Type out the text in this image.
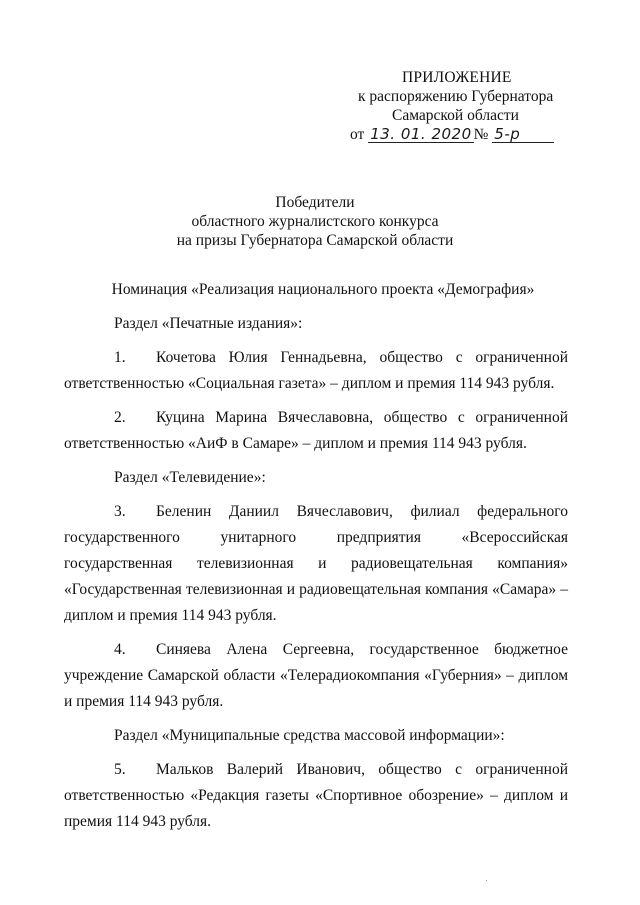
ПРИЛОЖЕНИЕ
к распоряжению Губернатора
Самарской области
от 13. 01. 2020 № 5-р
Победители
областного журналистского конкурса
на призы Губернатора Самарской области

Номинация «Реализация национального проекта «Демография»

Раздел «Печатные издания»:

1. Кочетова Юлия Геннадьевна, общество с ограниченной ответственностью «Социальная газета» – диплом и премия 114 943 рубля.

2. Куцина Марина Вячеславовна, общество с ограниченной ответственностью «АиФ в Самаре» – диплом и премия 114 943 рубля.

Раздел «Телевидение»:

3. Беленин Даниил Вячеславович, филиал федерального государственного унитарного предприятия «Всероссийская государственная телевизионная и радиовещательная компания» «Государственная телевизионная и радиовещательная компания «Самара» – диплом и премия 114 943 рубля.

4. Синяева Алена Сергеевна, государственное бюджетное учреждение Самарской области «Телерадиокомпания «Губерния» – диплом и премия 114 943 рубля.

Раздел «Муниципальные средства массовой информации»:

5. Мальков Валерий Иванович, общество с ограниченной ответственностью «Редакция газеты «Спортивное обозрение» – диплом и премия 114 943 рубля.
